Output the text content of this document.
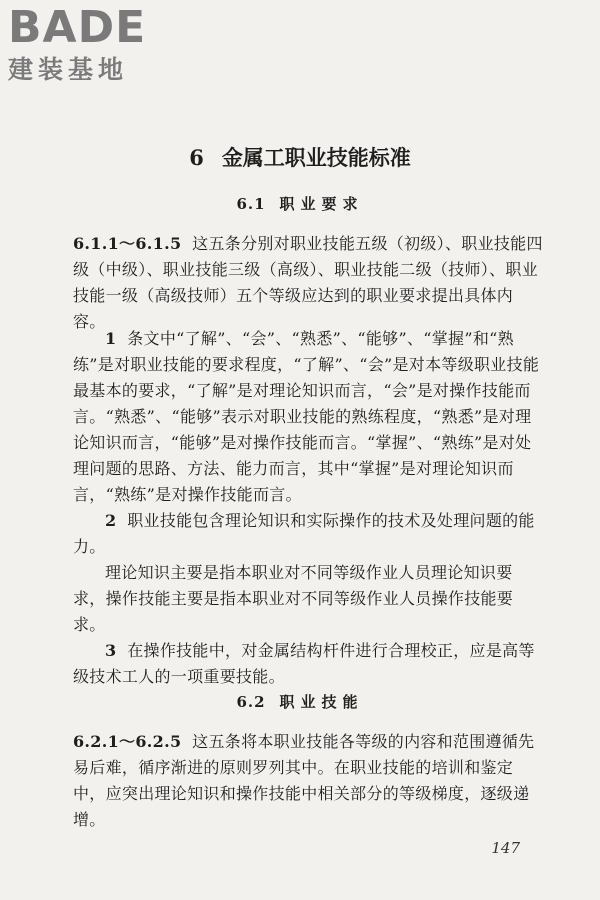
BADE
建装基地
6 金属工职业技能标准
6.1 职业要求

6.1.1～6.1.5 这五条分别对职业技能五级（初级）、职业技能四级（中级）、职业技能三级（高级）、职业技能二级（技师）、职业技能一级（高级技师）五个等级应达到的职业要求提出具体内容。

1 条文中“了解”、“会”、“熟悉”、“能够”、“掌握”和“熟练”是对职业技能的要求程度，“了解”、“会”是对本等级职业技能最基本的要求，“了解”是对理论知识而言，“会”是对操作技能而言。“熟悉”、“能够”表示对职业技能的熟练程度，“熟悉”是对理论知识而言，“能够”是对操作技能而言。“掌握”、“熟练”是对处理问题的思路、方法、能力而言，其中“掌握”是对理论知识而言，“熟练”是对操作技能而言。

2 职业技能包含理论知识和实际操作的技术及处理问题的能力。

理论知识主要是指本职业对不同等级作业人员理论知识要求，操作技能主要是指本职业对不同等级作业人员操作技能要求。

3 在操作技能中，对金属结构杆件进行合理校正，应是高等级技术工人的一项重要技能。

6.2 职业技能

6.2.1～6.2.5 这五条将本职业技能各等级的内容和范围遵循先易后难，循序渐进的原则罗列其中。在职业技能的培训和鉴定中，应突出理论知识和操作技能中相关部分的等级梯度，逐级递增。

147
